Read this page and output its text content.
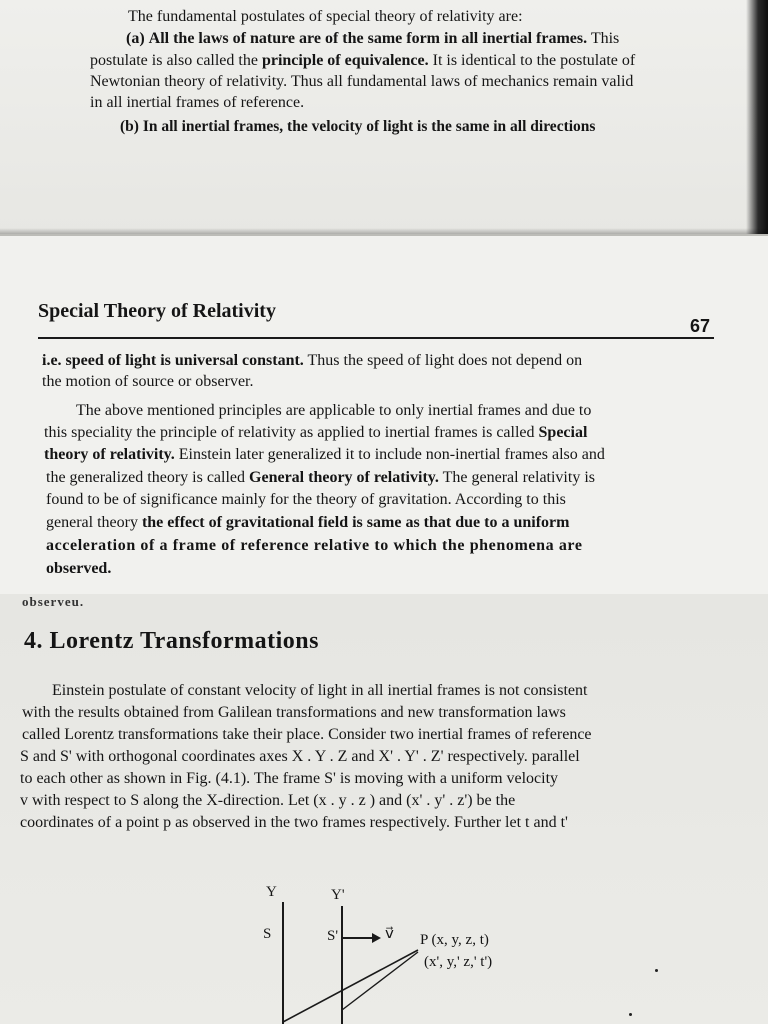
The fundamental postulates of special theory of relativity are:

(a) All the laws of nature are of the same form in all inertial frames. This

postulate is also called the principle of equivalence. It is identical to the postulate of

Newtonian theory of relativity. Thus all fundamental laws of mechanics remain valid

in all inertial frames of reference.

(b) In all inertial frames, the velocity of light is the same in all directions

Special Theory of Relativity

67

i.e. speed of light is universal constant. Thus the speed of light does not depend on

the motion of source or observer.

The above mentioned principles are applicable to only inertial frames and due to

this speciality the principle of relativity as applied to inertial frames is called Special

theory of relativity. Einstein later generalized it to include non-inertial frames also and

the generalized theory is called General theory of relativity. The general relativity is

found to be of significance mainly for the theory of gravitation. According to this

general theory the effect of gravitational field is same as that due to a uniform

acceleration of a frame of reference relative to which the phenomena are

observed.

observeu.

4. Lorentz Transformations

Einstein postulate of constant velocity of light in all inertial frames is not consistent

with the results obtained from Galilean transformations and new transformation laws

called Lorentz transformations take their place. Consider two inertial frames of reference

S and S' with orthogonal coordinates axes X . Y . Z and X' . Y' . Z' respectively. parallel

to each other as shown in Fig. (4.1). The frame S' is moving with a uniform velocity

v with respect to S along the X-direction. Let (x . y . z ) and (x' . y' . z') be the

coordinates of a point p as observed in the two frames respectively. Further let t and t'

Y	Y'

S	S'	v⃗ P (x, y, z, t)

(x', y,' z,' t')
